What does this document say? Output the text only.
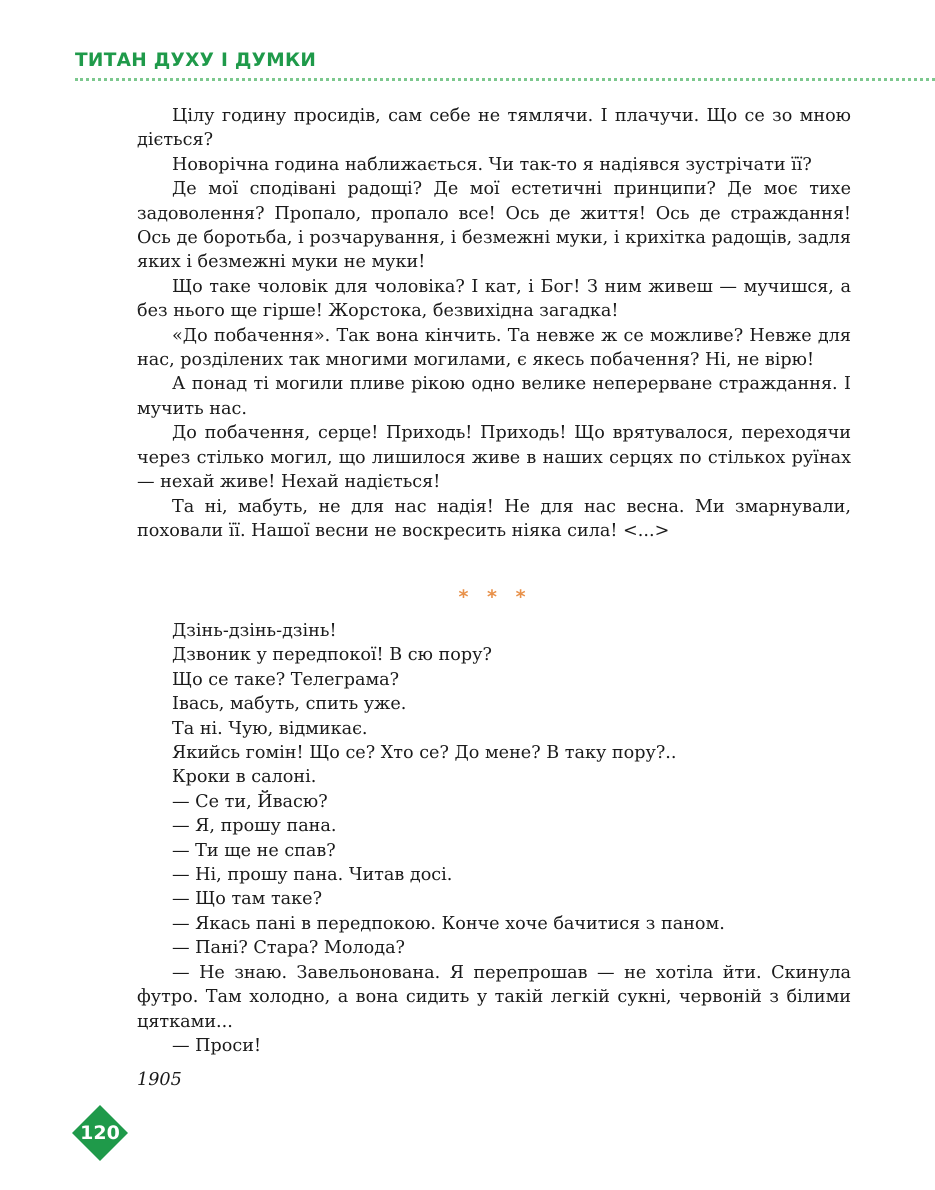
ТИТАН ДУХУ І ДУМКИ

Цілу годину просидів, сам себе не тямлячи. І плачучи. Що се зо мною діється?

Новорічна година наближається. Чи так-то я надіявся зустрічати її?

Де мої сподівані радощі? Де мої естетичні принципи? Де моє тихе задоволення? Пропало, пропало все! Ось де життя! Ось де страждання! Ось де боротьба, і розчарування, і безмежні муки, і крихітка радощів, задля яких і безмежні муки не муки!

Що таке чоловік для чоловіка? І кат, і Бог! З ним живеш — мучишся, а без нього ще гірше! Жорстока, безвихідна загадка!

«До побачення». Так вона кінчить. Та невже ж се можливе? Невже для нас, розділених так многими могилами, є якесь побачення? Ні, не вірю!

А понад ті могили пливе рікою одно велике неперерване страждання. І мучить нас.

До побачення, серце! Приходь! Приходь! Що врятувалося, переходячи через стілько могил, що лишилося живе в наших серцях по стількох руїнах — нехай живе! Нехай надіється!

Та ні, мабуть, не для нас надія! Не для нас весна. Ми змарнували, поховали її. Нашої весни не воскресить ніяка сила! <...>

* * *

Дзінь-дзінь-дзінь!

Дзвоник у передпокої! В сю пору?

Що се таке? Телеграма?

Івась, мабуть, спить уже.

Та ні. Чую, відмикає.

Якийсь гомін! Що се? Хто се? До мене? В таку пору?..

Кроки в салоні.

— Се ти, Йвасю?

— Я, прошу пана.

— Ти ще не спав?

— Ні, прошу пана. Читав досі.

— Що там таке?

— Якась пані в передпокою. Конче хоче бачитися з паном.

— Пані? Стара? Молода?

— Не знаю. Завельонована. Я перепрошав — не хотіла йти. Скинула футро. Там холодно, а вона сидить у такій легкій сукні, червоній з білими цятками...

— Проси!

1905
120
